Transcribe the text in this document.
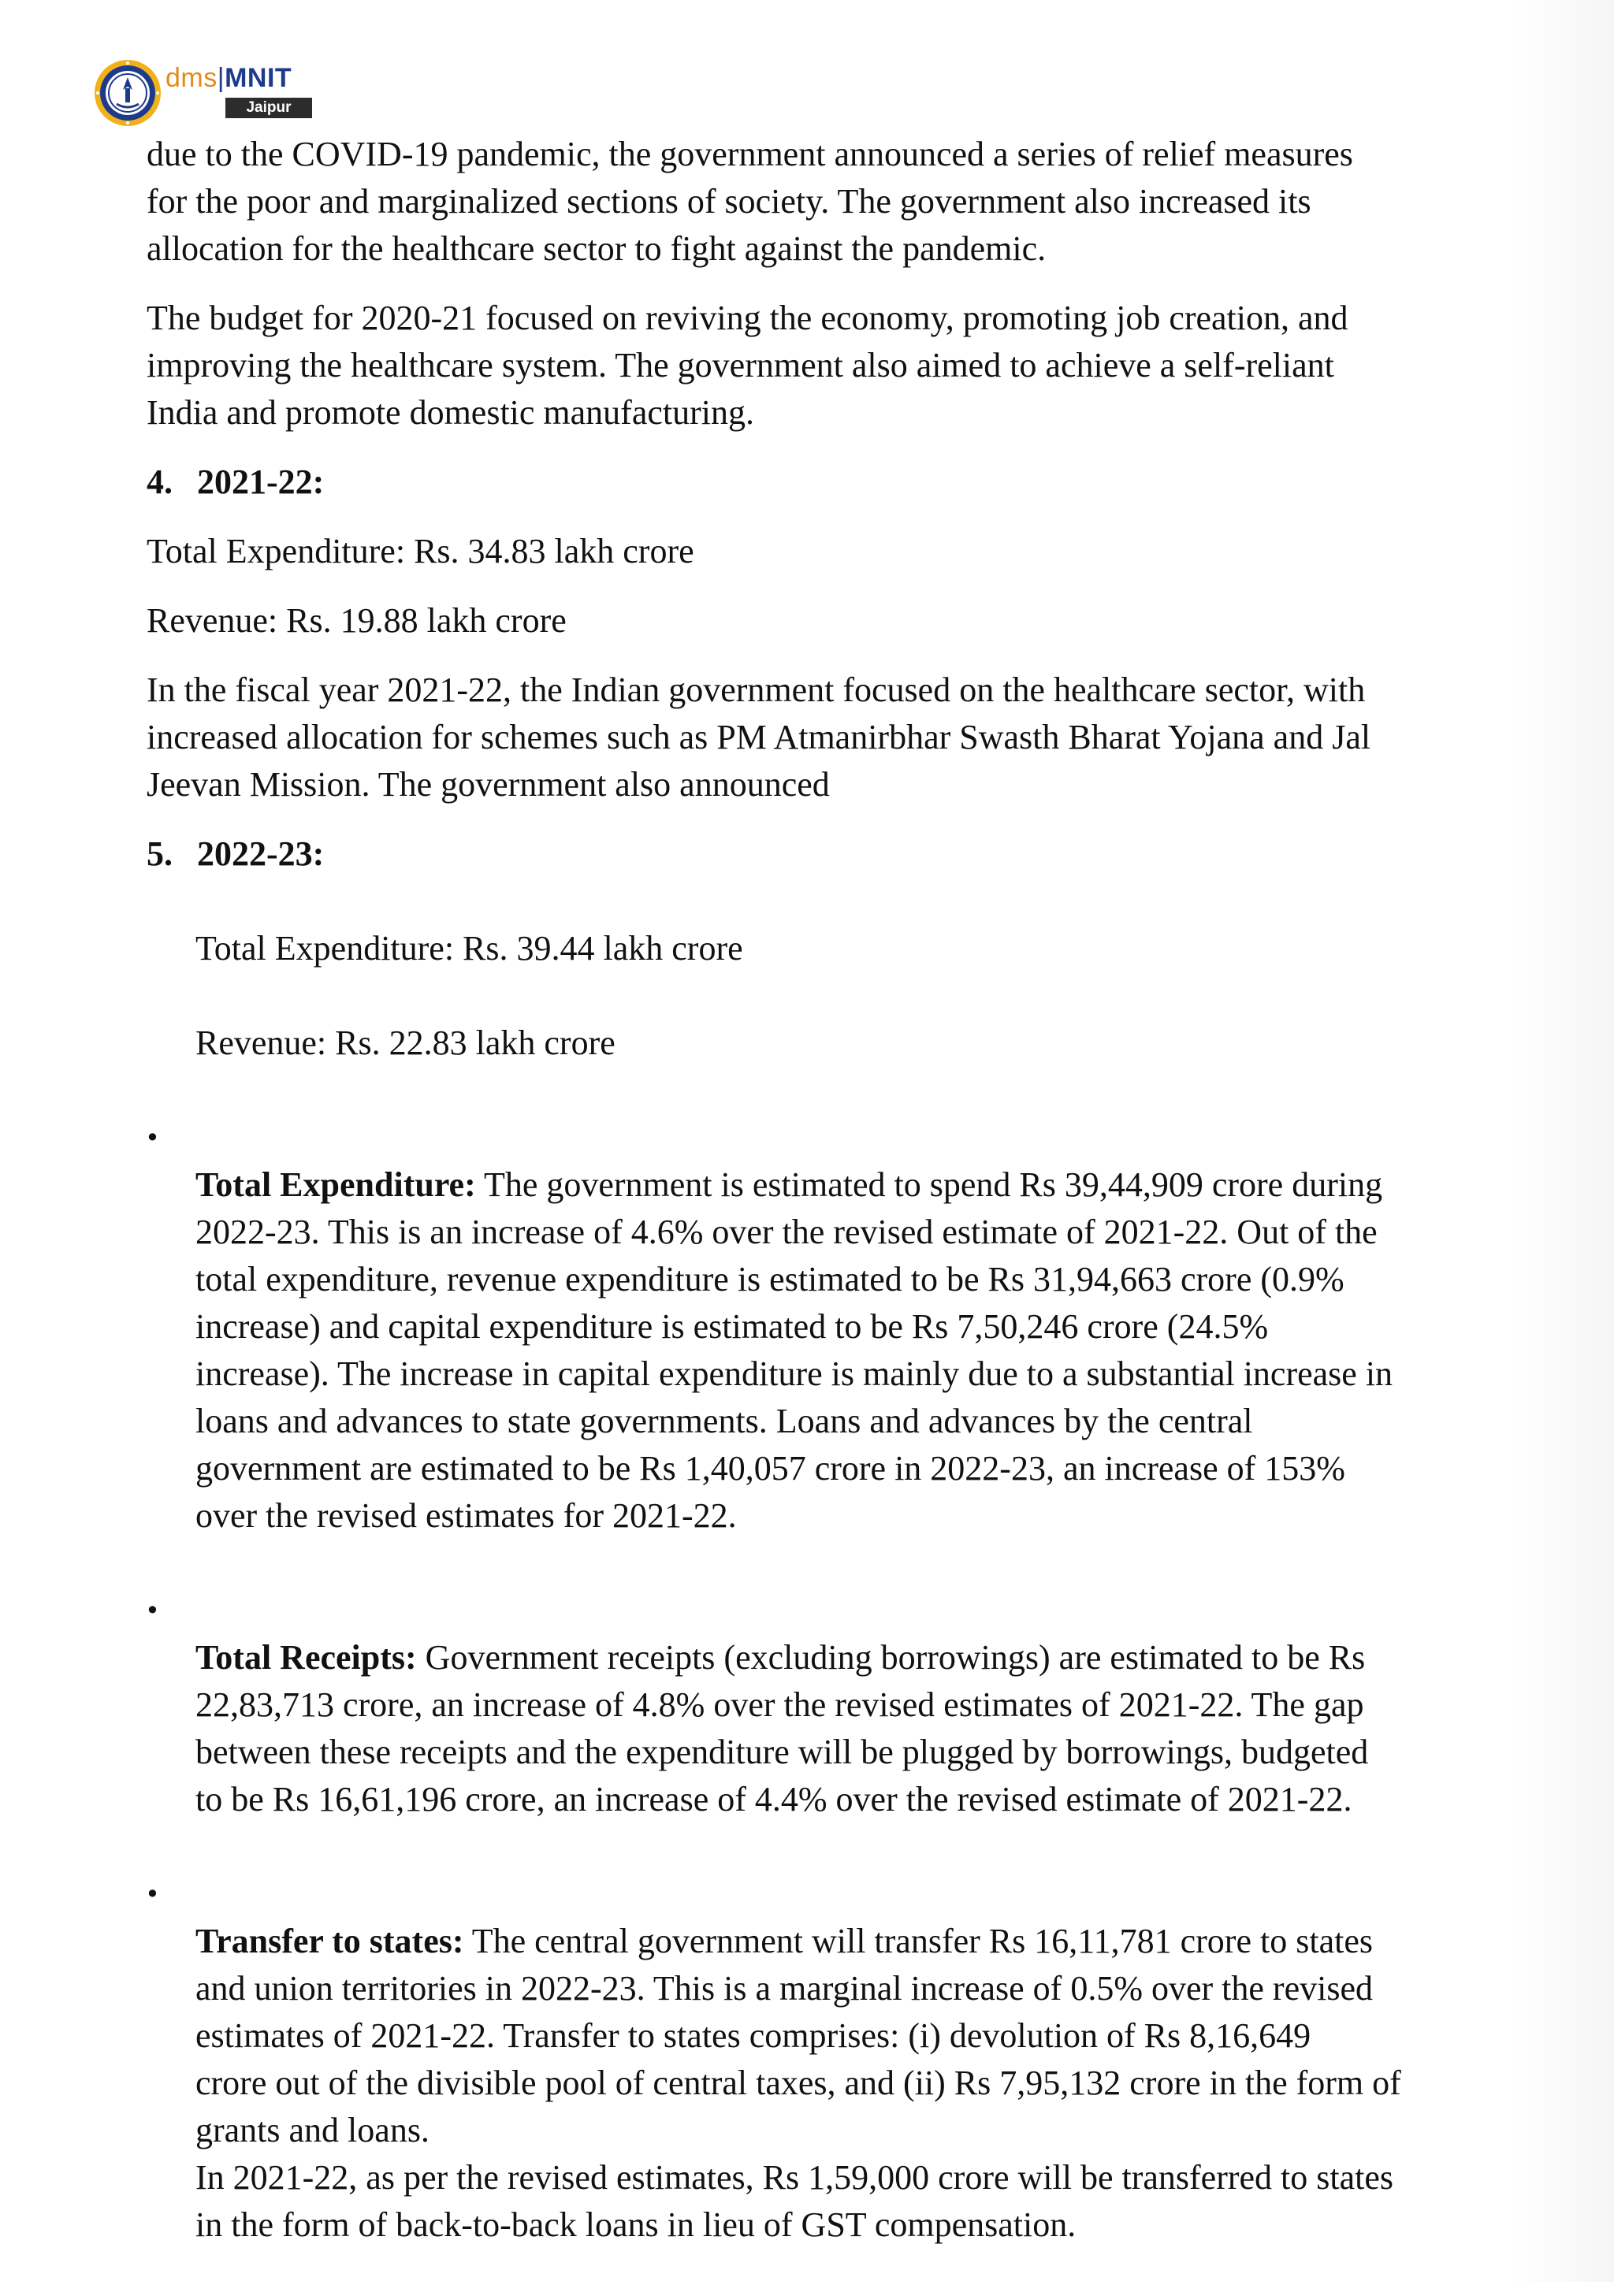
dms|MNIT
Jaipur

due to the COVID-19 pandemic, the government announced a series of relief measures
for the poor and marginalized sections of society. The government also increased its
allocation for the healthcare sector to fight against the pandemic.

The budget for 2020-21 focused on reviving the economy, promoting job creation, and
improving the healthcare system. The government also aimed to achieve a self-reliant
India and promote domestic manufacturing.

4. 2021-22:

Total Expenditure: Rs. 34.83 lakh crore

Revenue: Rs. 19.88 lakh crore

In the fiscal year 2021-22, the Indian government focused on the healthcare sector, with
increased allocation for schemes such as PM Atmanirbhar Swasth Bharat Yojana and Jal
Jeevan Mission. The government also announced

5. 2022-23:

Total Expenditure: Rs. 39.44 lakh crore

Revenue: Rs. 22.83 lakh crore

•
Total Expenditure: The government is estimated to spend Rs 39,44,909 crore during
2022-23. This is an increase of 4.6% over the revised estimate of 2021-22. Out of the
total expenditure, revenue expenditure is estimated to be Rs 31,94,663 crore (0.9%
increase) and capital expenditure is estimated to be Rs 7,50,246 crore (24.5%
increase). The increase in capital expenditure is mainly due to a substantial increase in
loans and advances to state governments. Loans and advances by the central
government are estimated to be Rs 1,40,057 crore in 2022-23, an increase of 153%
over the revised estimates for 2021-22.

•
Total Receipts: Government receipts (excluding borrowings) are estimated to be Rs
22,83,713 crore, an increase of 4.8% over the revised estimates of 2021-22. The gap
between these receipts and the expenditure will be plugged by borrowings, budgeted
to be Rs 16,61,196 crore, an increase of 4.4% over the revised estimate of 2021-22.

•
Transfer to states: The central government will transfer Rs 16,11,781 crore to states
and union territories in 2022-23. This is a marginal increase of 0.5% over the revised
estimates of 2021-22. Transfer to states comprises: (i) devolution of Rs 8,16,649
crore out of the divisible pool of central taxes, and (ii) Rs 7,95,132 crore in the form of
grants and loans.
In 2021-22, as per the revised estimates, Rs 1,59,000 crore will be transferred to states
in the form of back-to-back loans in lieu of GST compensation.
